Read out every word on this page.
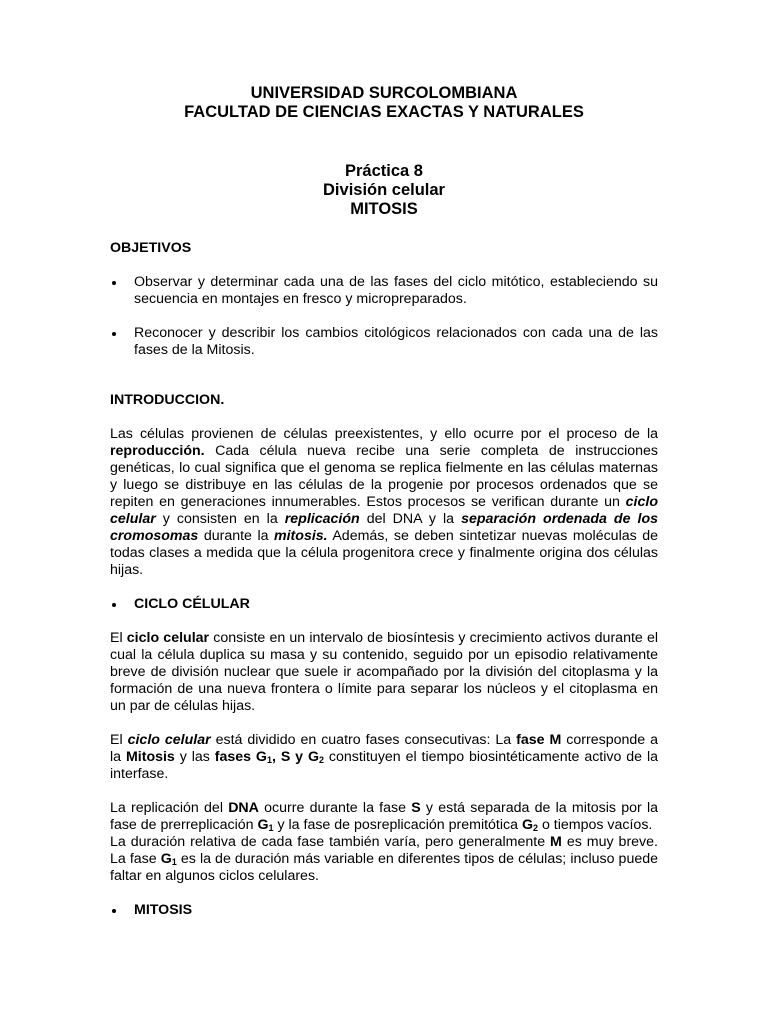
UNIVERSIDAD SURCOLOMBIANA
FACULTAD DE CIENCIAS EXACTAS Y NATURALES
Práctica 8
División celular
MITOSIS
OBJETIVOS
Observar y determinar cada una de las fases del ciclo mitótico, estableciendo su secuencia en montajes en fresco y micropreparados.
Reconocer y describir los cambios citológicos relacionados con cada una de las fases de la Mitosis.
INTRODUCCION.

Las células provienen de células preexistentes, y ello ocurre por el proceso de la reproducción. Cada célula nueva recibe una serie completa de instrucciones genéticas, lo cual significa que el genoma se replica fielmente en las células maternas y luego se distribuye en las células de la progenie por procesos ordenados que se repiten en generaciones innumerables. Estos procesos se verifican durante un ciclo celular y consisten en la replicación del DNA y la separación ordenada de los cromosomas durante la mitosis. Además, se deben sintetizar nuevas moléculas de todas clases a medida que la célula progenitora crece y finalmente origina dos células hijas.

CICLO CÉLULAR

El ciclo celular consiste en un intervalo de biosíntesis y crecimiento activos durante el cual la célula duplica su masa y su contenido, seguido por un episodio relativamente breve de división nuclear que suele ir acompañado por la división del citoplasma y la formación de una nueva frontera o límite para separar los núcleos y el citoplasma en un par de células hijas.

El ciclo celular está dividido en cuatro fases consecutivas: La fase M corresponde a la Mitosis y las fases $G_1$, S y $G_2$ constituyen el tiempo biosintéticamente activo de la interfase.

La replicación del DNA ocurre durante la fase S y está separada de la mitosis por la fase de prerreplicación $G_1$ y la fase de posreplicación premitótica $G_2$ o tiempos vacíos.

La duración relativa de cada fase también varía, pero generalmente M es muy breve. La fase $G_1$ es la de duración más variable en diferentes tipos de células; incluso puede faltar en algunos ciclos celulares.

MITOSIS
